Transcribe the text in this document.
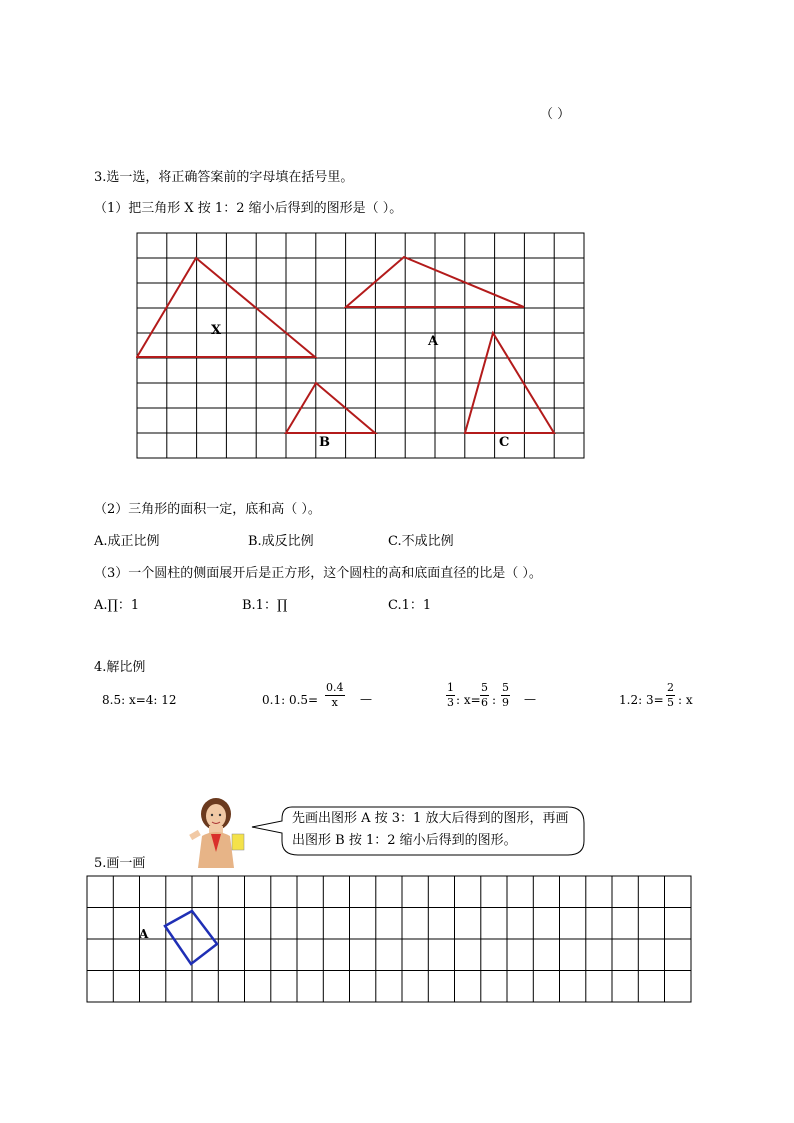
（ ）
3.选一选，将正确答案前的字母填在括号里。
（1）把三角形 X 按 1：2 缩小后得到的图形是（ ）。
X
A
B	C
（2）三角形的面积一定，底和高（ ）。
A.成正比例	B.成反比例	C.不成比例
（3）一个圆柱的侧面展开后是正方形，这个圆柱的高和底面直径的比是（ ）。
A.∏：1	B.1：∏	C.1：1
4.解比例
8.5: x=4: 12	0.1: $0.5= \frac{0.4}{x}$ —	$\frac{1}{3}$ : $x= \frac{5}{6}$ : $\frac{5}{9}$ —	1.2: $3= \frac{2}{5}$ : x
先画出图形 A 按 3：1 放大后得到的图形，再画出图形 B 按 1：2 缩小后得到的图形。
5.画一画
A
